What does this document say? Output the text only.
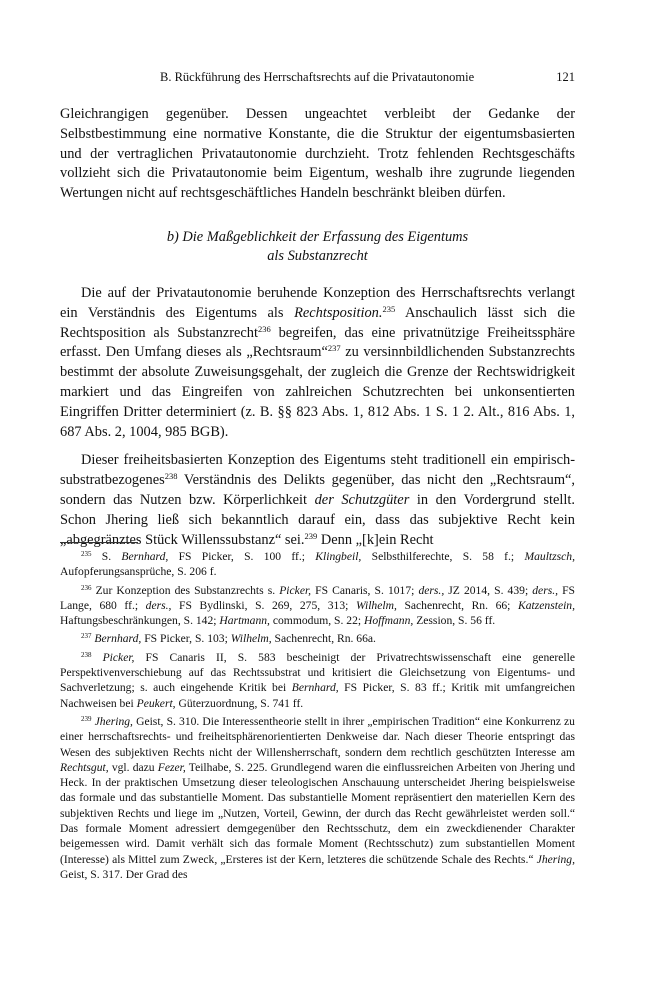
B. Rückführung des Herrschaftsrechts auf die Privatautonomie	121

Gleichrangigen gegenüber. Dessen ungeachtet verbleibt der Gedanke der Selbstbestimmung eine normative Konstante, die die Struktur der eigentumsbasierten und der vertraglichen Privatautonomie durchzieht. Trotz fehlenden Rechtsgeschäfts vollzieht sich die Privatautonomie beim Eigentum, weshalb ihre zugrunde liegenden Wertungen nicht auf rechtsgeschäftliches Handeln beschränkt bleiben dürfen.

b) Die Maßgeblichkeit der Erfassung des Eigentums
als Substanzrecht

Die auf der Privatautonomie beruhende Konzeption des Herrschaftsrechts verlangt ein Verständnis des Eigentums als Rechtsposition.$^{235}$ Anschaulich lässt sich die Rechtsposition als Substanzrecht$^{236}$ begreifen, das eine privatnützige Freiheitssphäre erfasst. Den Umfang dieses als „Rechtsraum“$^{237}$ zu versinnbildlichenden Substanzrechts bestimmt der absolute Zuweisungsgehalt, der zugleich die Grenze der Rechtswidrigkeit markiert und das Eingreifen von zahlreichen Schutzrechten bei unkonsentierten Eingriffen Dritter determiniert (z. B. §§ 823 Abs. 1, 812 Abs. 1 S. 1 2. Alt., 816 Abs. 1, 687 Abs. 2, 1004, 985 BGB).

Dieser freiheitsbasierten Konzeption des Eigentums steht traditionell ein empirisch-substratbezogenes$^{238}$ Verständnis des Delikts gegenüber, das nicht den „Rechtsraum“, sondern das Nutzen bzw. Körperlichkeit der Schutzgüter in den Vordergrund stellt. Schon Jhering ließ sich bekanntlich darauf ein, dass das subjektive Recht kein „abgegränztes Stück Willenssubstanz“ sei.$^{239}$ Denn „[k]ein Recht

$^{235}$ S. Bernhard, FS Picker, S. 100 ff.; Klingbeil, Selbsthilferechte, S. 58 f.; Maultzsch, Aufopferungsansprüche, S. 206 f.

$^{236}$ Zur Konzeption des Substanzrechts s. Picker, FS Canaris, S. 1017; ders., JZ 2014, S. 439; ders., FS Lange, 680 ff.; ders., FS Bydlinski, S. 269, 275, 313; Wilhelm, Sachenrecht, Rn. 66; Katzenstein, Haftungsbeschränkungen, S. 142; Hartmann, commodum, S. 22; Hoffmann, Zession, S. 56 ff.

$^{237}$ Bernhard, FS Picker, S. 103; Wilhelm, Sachenrecht, Rn. 66a.

$^{238}$ Picker, FS Canaris II, S. 583 bescheinigt der Privatrechtswissenschaft eine generelle Perspektivenverschiebung auf das Rechtssubstrat und kritisiert die Gleichsetzung von Eigentums- und Sachverletzung; s. auch eingehende Kritik bei Bernhard, FS Picker, S. 83 ff.; Kritik mit umfangreichen Nachweisen bei Peukert, Güterzuordnung, S. 741 ff.

$^{239}$ Jhering, Geist, S. 310. Die Interessentheorie stellt in ihrer „empirischen Tradition“ eine Konkurrenz zu einer herrschaftsrechts- und freiheitsphärenorientierten Denkweise dar. Nach dieser Theorie entspringt das Wesen des subjektiven Rechts nicht der Willensherrschaft, sondern dem rechtlich geschützten Interesse am Rechtsgut, vgl. dazu Fezer, Teilhabe, S. 225. Grundlegend waren die einflussreichen Arbeiten von Jhering und Heck. In der praktischen Umsetzung dieser teleologischen Anschauung unterscheidet Jhering beispielsweise das formale und das substantielle Moment. Das substantielle Moment repräsentiert den materiellen Kern des subjektiven Rechts und liege im „Nutzen, Vorteil, Gewinn, der durch das Recht gewährleistet werden soll.“ Das formale Moment adressiert demgegenüber den Rechtsschutz, dem ein zweckdienender Charakter beigemessen wird. Damit verhält sich das formale Moment (Rechtsschutz) zum substantiellen Moment (Interesse) als Mittel zum Zweck, „Ersteres ist der Kern, letzteres die schützende Schale des Rechts.“ Jhering, Geist, S. 317. Der Grad des
